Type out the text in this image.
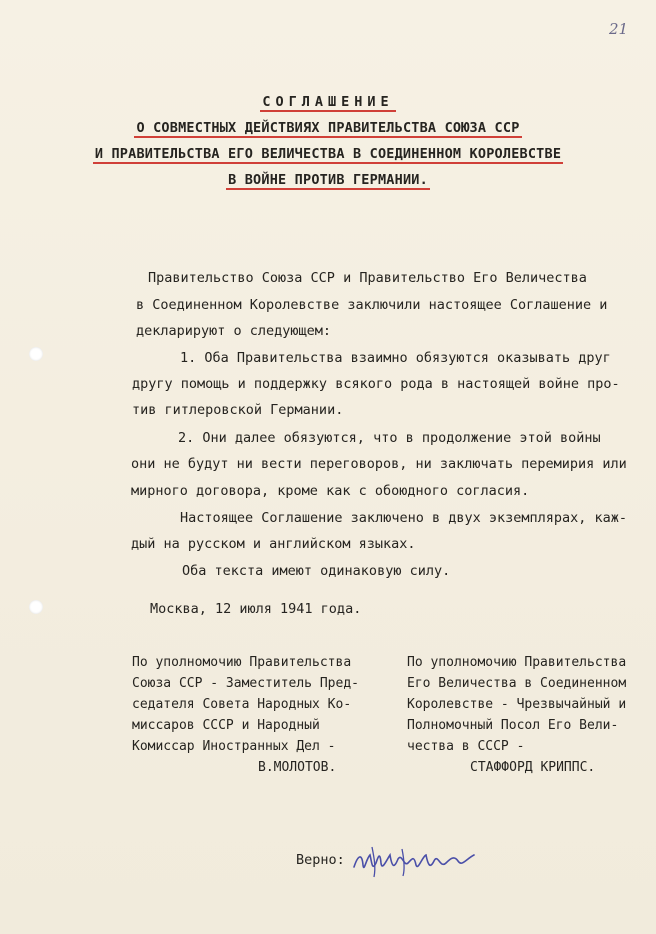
21
СОГЛАШЕНИЕ
О СОВМЕСТНЫХ ДЕЙСТВИЯХ ПРАВИТЕЛЬСТВА СОЮЗА ССР
И ПРАВИТЕЛЬСТВА ЕГО ВЕЛИЧЕСТВА В СОЕДИНЕННОМ КОРОЛЕВСТВЕ
В ВОЙНЕ ПРОТИВ ГЕРМАНИИ.
Правительство Союза ССР и Правительство Его Величества
в Соединенном Королевстве заключили настоящее Соглашение и
декларируют о следующем:
1. Оба Правительства взаимно обязуются оказывать друг
другу помощь и поддержку всякого рода в настоящей войне про-
тив гитлеровской Германии.
2. Они далее обязуются, что в продолжение этой войны
они не будут ни вести переговоров, ни заключать перемирия или
мирного договора, кроме как с обоюдного согласия.
Настоящее Соглашение заключено в двух экземплярах, каж-
дый на русском и английском языках.
Оба текста имеют одинаковую силу.
Москва, 12 июля 1941 года.
По уполномочию Правительства
Союза ССР - Заместитель Пред-
седателя Совета Народных Ко-
миссаров СССР и Народный
Комиссар Иностранных Дел -
В.МОЛОТОВ.
По уполномочию Правительства
Его Величества в Соединенном
Королевстве - Чрезвычайный и
Полномочный Посол Его Вели-
чества в СССР -
СТАФФОРД КРИППС.
Верно:
